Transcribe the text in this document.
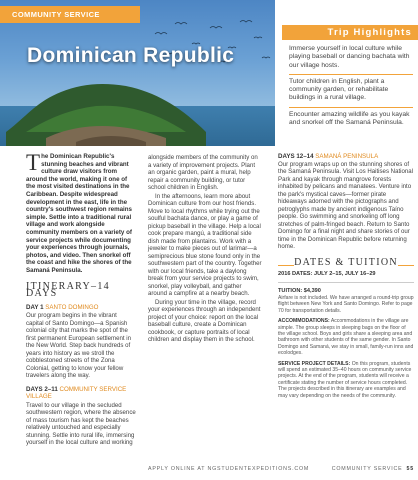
COMMUNITY SERVICE
Dominican Republic
Trip Highlights
Immerse yourself in local culture while playing baseball or dancing bachata with our village hosts.
Tutor children in English, plant a community garden, or rehabilitate buildings in a rural village.
Encounter amazing wildlife as you kayak and snorkel off the Samaná Peninsula.
The Dominican Republic's stunning beaches and vibrant culture draw visitors from around the world, making it one of the most visited destinations in the Caribbean. Despite widespread development in the east, life in the country's southwest region remains simple. Settle into a traditional rural village and work alongside community members on a variety of service projects while documenting your experiences through journals, photos, and video. Then snorkel off the coast and hike the shores of the Samaná Peninsula.
ITINERARY–14 DAYS
DAY 1 SANTO DOMINGO
Our program begins in the vibrant capital of Santo Domingo—a Spanish colonial city that marks the spot of the first permanent European settlement in the New World. Step back hundreds of years into history as we stroll the cobblestoned streets of the Zona Colonial, getting to know your fellow travelers along the way.
DAYS 2–11 COMMUNITY SERVICE VILLAGE
Travel to our village in the secluded southwestern region, where the absence of mass tourism has kept the beaches relatively untouched and especially stunning. Settle into rural life, immersing yourself in the local culture and working
alongside members of the community on a variety of improvement projects. Plant an organic garden, paint a mural, help repair a community building, or tutor school children in English.
In the afternoons, learn more about Dominican culture from our host friends. Move to local rhythms while trying out the soulful bachata dance, or play a game of pickup baseball in the village. Help a local cook prepare mangú, a traditional side dish made from plantains. Work with a jeweler to make pieces out of larimar—a semiprecious blue stone found only in the southwestern part of the country. Together with our local friends, take a daylong break from your service projects to swim, snorkel, play volleyball, and gather around a campfire at a nearby beach.
During your time in the village, record your experiences through an independent project of your choice: report on the local baseball culture, create a Dominican cookbook, or capture portraits of local children and display them in the school.
DAYS 12–14 SAMANÁ PENINSULA
Our program wraps up on the stunning shores of the Samaná Peninsula. Visit Los Haitises National Park and kayak through mangrove forests inhabited by pelicans and manatees. Venture into the park's mystical caves—former pirate hideaways adorned with the pictographs and petroglyphs made by ancient indigenous Taíno people. Go swimming and snorkeling off long stretches of palm-fringed beach. Return to Santo Domingo for a final night and share stories of our time in the Dominican Republic before returning home.
DATES & TUITION
2016 DATES: JULY 2–15, JULY 16–29
TUITION: $4,390
Airfare is not included. We have arranged a round-trip group flight between New York and Santo Domingo. Refer to page 70 for transportation details.
ACCOMMODATIONS: Accommodations in the village are simple. The group sleeps in sleeping bags on the floor of the village school. Boys and girls share a sleeping area and bathroom with other students of the same gender. In Santo Domingo and Samaná, we stay in small, family-run inns and ecolodges.
SERVICE PROJECT DETAILS: On this program, students will spend an estimated 35–40 hours on community service projects. At the end of the program, students will receive a certificate stating the number of service hours completed. The projects described in this itinerary are examples and may vary depending on the needs of the community.
APPLY ONLINE AT NGSTUDENTEXPEDITIONS.COM	COMMUNITY SERVICE 55
